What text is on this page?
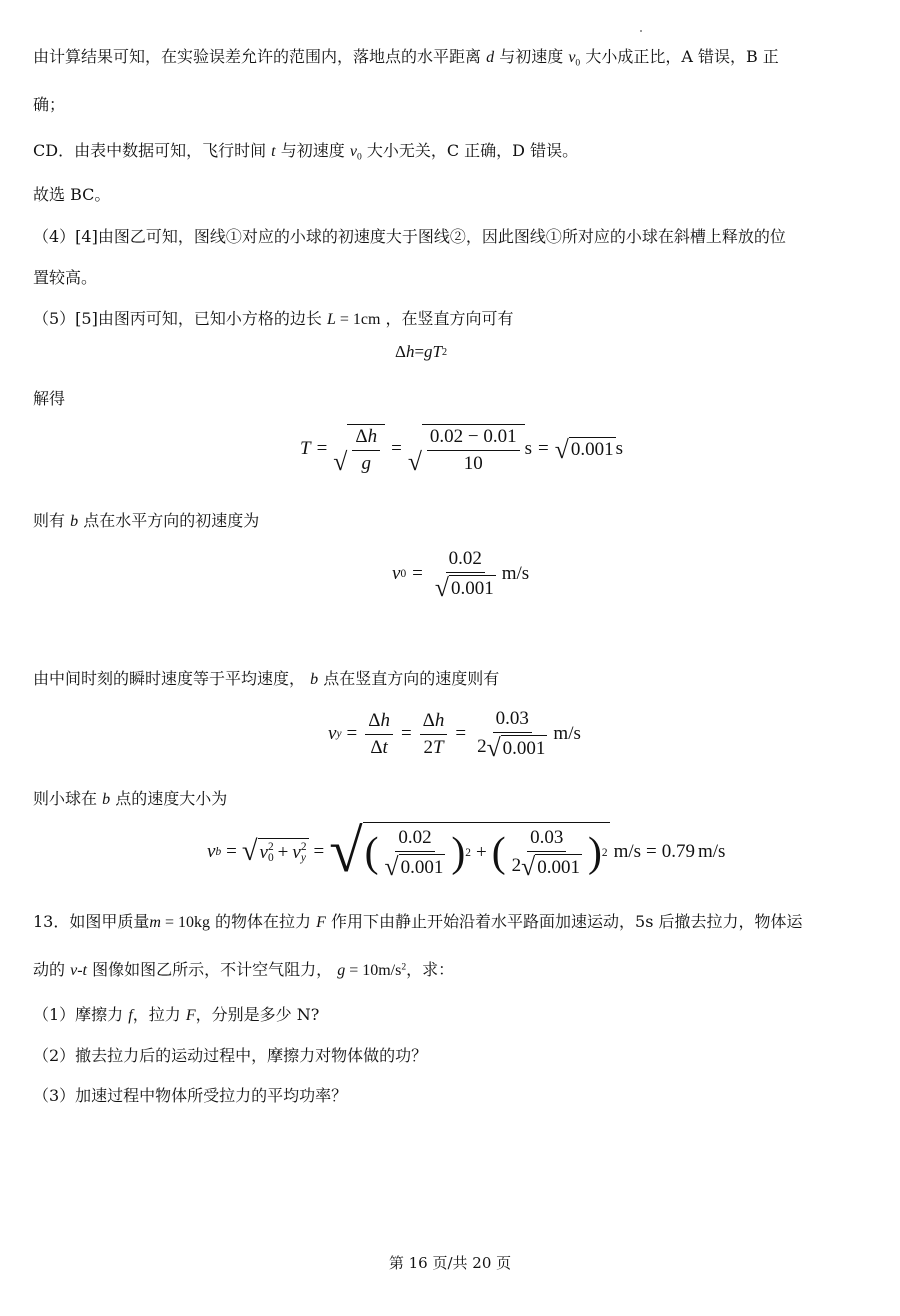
由计算结果可知，在实验误差允许的范围内，落地点的水平距离 d 与初速度 $v_0$ 大小成正比，A 错误，B 正
确；
CD．由表中数据可知，飞行时间 t 与初速度 $v_0$ 大小无关，C 正确，D 错误。
故选 BC。
（4）[4]由图乙可知，图线①对应的小球的初速度大于图线②，因此图线①所对应的小球在斜槽上释放的位
置较高。
（5）[5]由图丙可知，已知小方格的边长 L = 1cm ，在竖直方向可有
Δ h = g T 2
解得
T = √ $\frac{\Delta h}{g}$ = √ $\frac{0.02 - 0.01}{10}$ s = √ 0.001 s
则有 b 点在水平方向的初速度为
v $0 = \frac{0.02}{√ 0.001} m/s$
由中间时刻的瞬时速度等于平均速度， b 点在竖直方向的速度则有
v $y = \frac{\Delta h}{\Delta t} = \frac{\Delta h}{2T} = \frac{0.03}{2 √ 0.001} m/s$
则小球在 b 点的速度大小为
v b = √ v 2
0 + v 2
y = √ ( $\frac{0.02}{√ 0.001}$ ) 2 + ( $\frac{0.03}{2 √ 0.001}$ ) 2 m/s = 0.79 m/s
13．如图甲质量m = 10kg 的物体在拉力 F 作用下由静止开始沿着水平路面加速运动，5s 后撤去拉力，物体运
动的 v-t 图像如图乙所示，不计空气阻力， $g = 10m/s^2$，求：
（1）摩擦力 f，拉力 F，分别是多少 N?
（2）撤去拉力后的运动过程中，摩擦力对物体做的功？
（3）加速过程中物体所受拉力的平均功率？
第 16 页/共 20 页
